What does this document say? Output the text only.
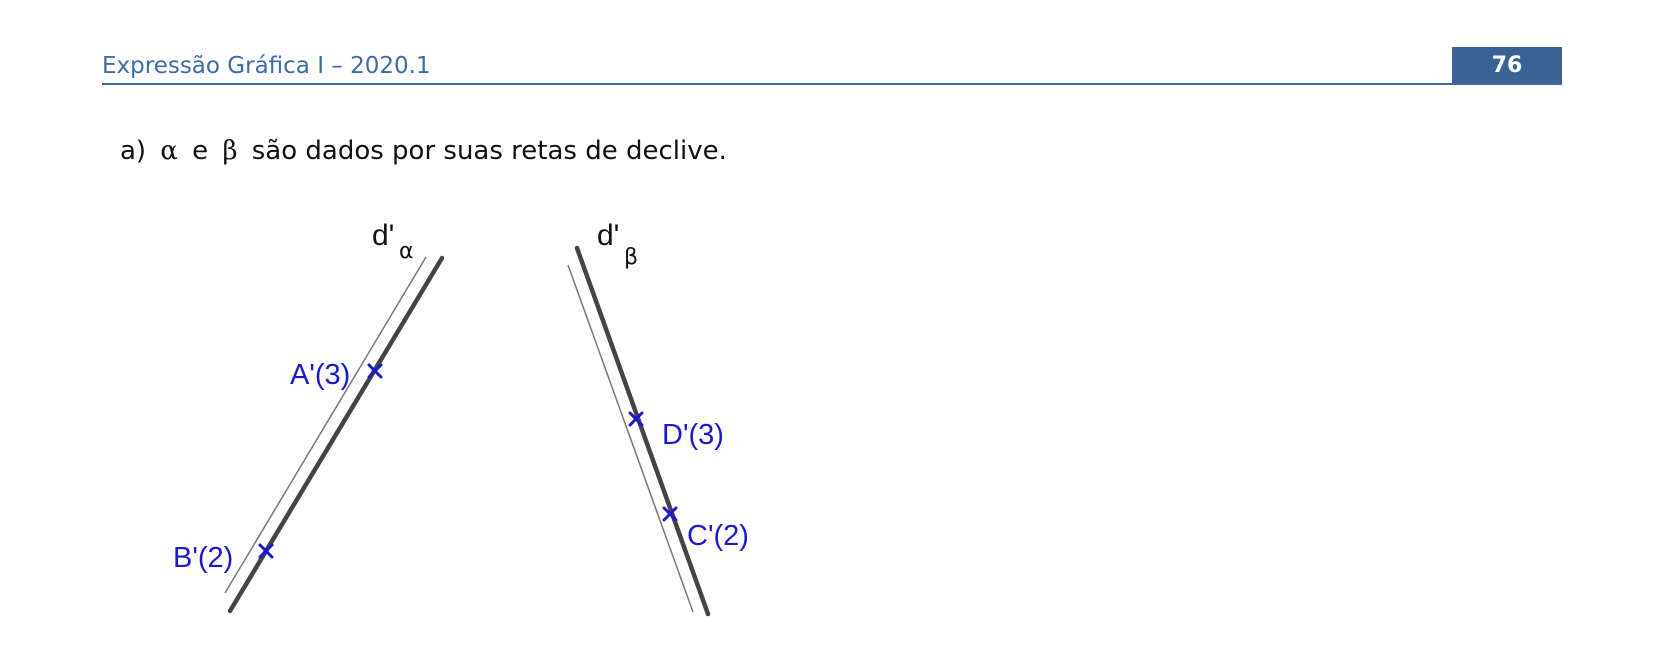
Expressão Gráfica I – 2020.1	76
a) α e β são dados por suas retas de declive.
d' α	d'
β
A'(3)
B'(2)
D'(3)
C'(2)
